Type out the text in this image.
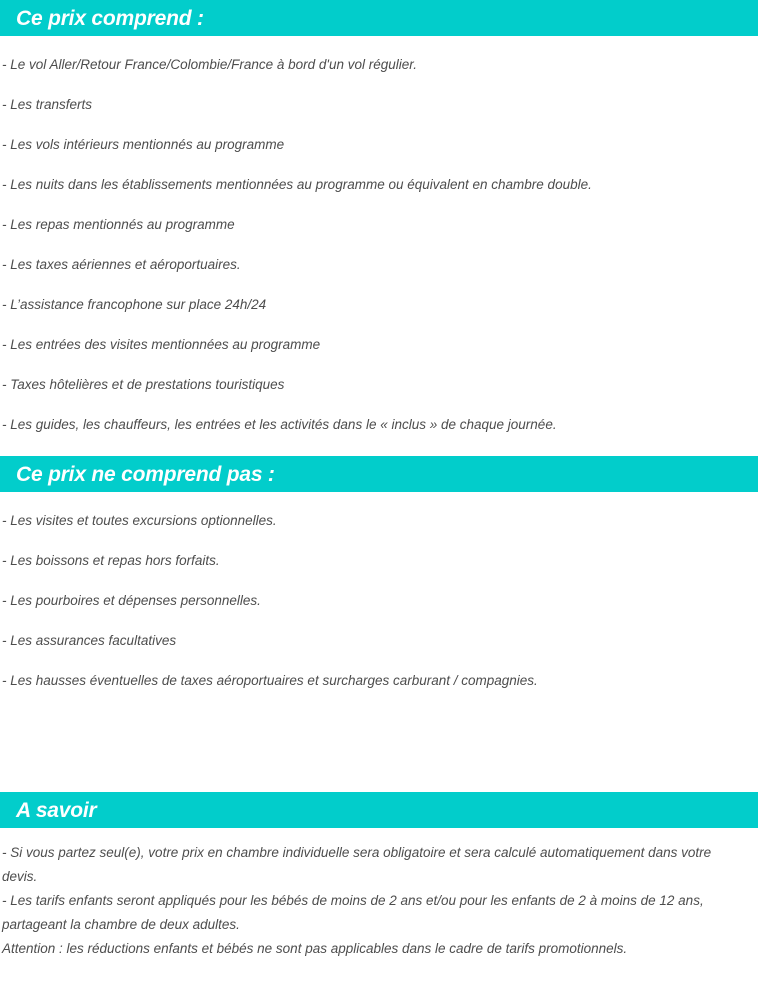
Ce prix comprend :
- Le vol Aller/Retour France/Colombie/France à bord d'un vol régulier.
- Les transferts
- Les vols intérieurs mentionnés au programme
- Les nuits dans les établissements mentionnées au programme ou équivalent en chambre double.
- Les repas mentionnés au programme
- Les taxes aériennes et aéroportuaires.
- L’assistance francophone sur place 24h/24
- Les entrées des visites mentionnées au programme
- Taxes hôtelières et de prestations touristiques
- Les guides, les chauffeurs, les entrées et les activités dans le « inclus » de chaque journée.
Ce prix ne comprend pas :
- Les visites et toutes excursions optionnelles.
- Les boissons et repas hors forfaits.
- Les pourboires et dépenses personnelles.
- Les assurances facultatives
- Les hausses éventuelles de taxes aéroportuaires et surcharges carburant / compagnies.
A savoir

- Si vous partez seul(e), votre prix en chambre individuelle sera obligatoire et sera calculé automatiquement dans votre devis.

- Les tarifs enfants seront appliqués pour les bébés de moins de 2 ans et/ou pour les enfants de 2 à moins de 12 ans, partageant la chambre de deux adultes.

Attention : les réductions enfants et bébés ne sont pas applicables dans le cadre de tarifs promotionnels.
